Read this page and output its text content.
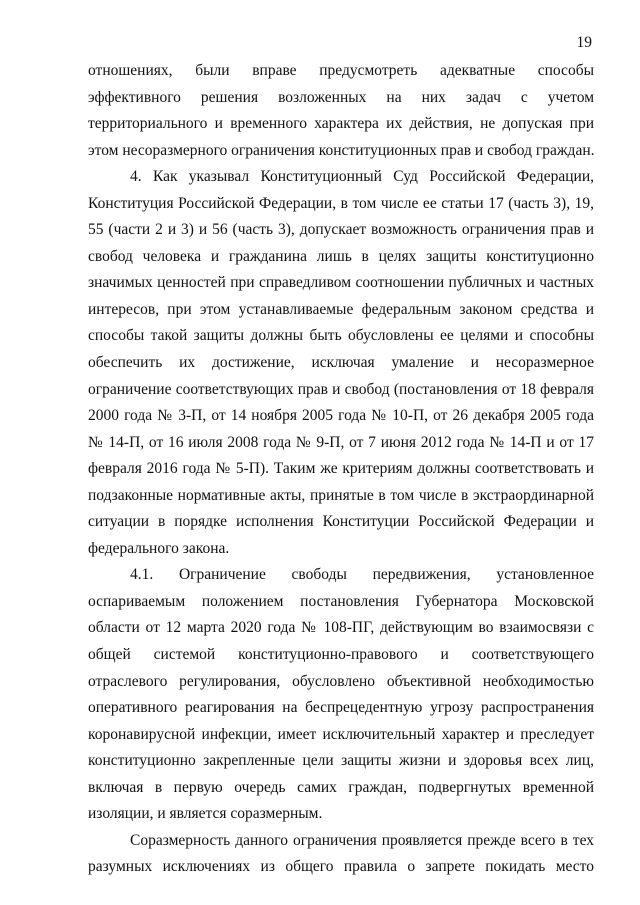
19
отношениях, были вправе предусмотреть адекватные способы
эффективного решения возложенных на них задач с учетом
территориального и временного характера их действия, не допуская при
этом несоразмерного ограничения конституционных прав и свобод граждан.
4. Как указывал Конституционный Суд Российской Федерации,
Конституция Российской Федерации, в том числе ее статьи 17 (часть 3), 19,
55 (части 2 и 3) и 56 (часть 3), допускает возможность ограничения прав и
свобод человека и гражданина лишь в целях защиты конституционно
значимых ценностей при справедливом соотношении публичных и частных
интересов, при этом устанавливаемые федеральным законом средства и
способы такой защиты должны быть обусловлены ее целями и способны
обеспечить их достижение, исключая умаление и несоразмерное
ограничение соответствующих прав и свобод (постановления от 18 февраля
2000 года № 3-П, от 14 ноября 2005 года № 10-П, от 26 декабря 2005 года
№ 14-П, от 16 июля 2008 года № 9-П, от 7 июня 2012 года № 14-П и от 17
февраля 2016 года № 5-П). Таким же критериям должны соответствовать и
подзаконные нормативные акты, принятые в том числе в экстраординарной
ситуации в порядке исполнения Конституции Российской Федерации и
федерального закона.
4.1. Ограничение свободы передвижения, установленное
оспариваемым положением постановления Губернатора Московской
области от 12 марта 2020 года № 108-ПГ, действующим во взаимосвязи с
общей системой конституционно-правового и соответствующего
отраслевого регулирования, обусловлено объективной необходимостью
оперативного реагирования на беспрецедентную угрозу распространения
коронавирусной инфекции, имеет исключительный характер и преследует
конституционно закрепленные цели защиты жизни и здоровья всех лиц,
включая в первую очередь самих граждан, подвергнутых временной
изоляции, и является соразмерным.
Соразмерность данного ограничения проявляется прежде всего в тех
разумных исключениях из общего правила о запрете покидать место
